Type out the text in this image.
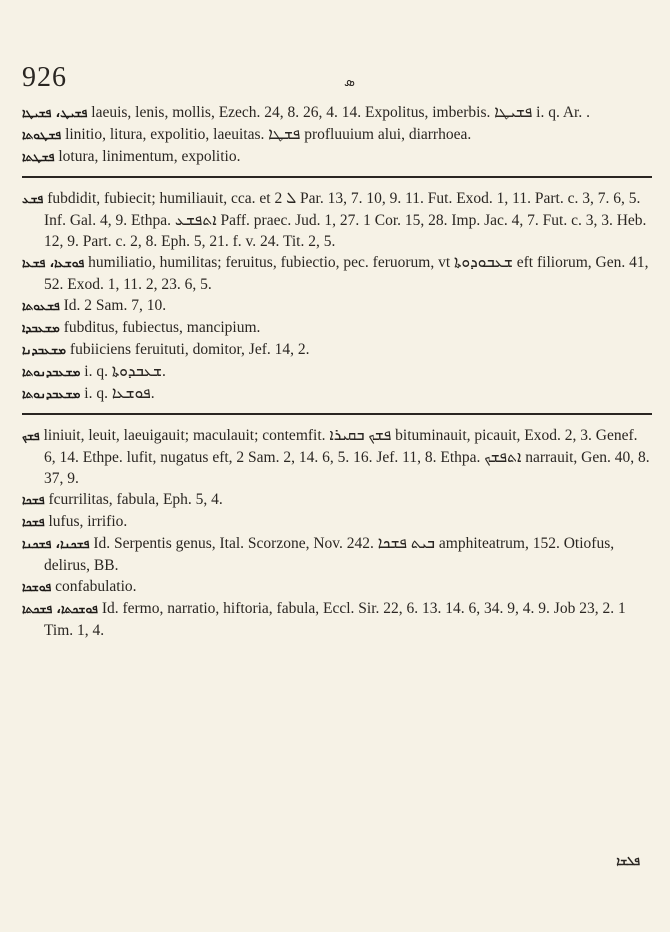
926	ܣ

ܦܫܝܛ، ܦܫܝܛܐ laeuis, lenis, mollis, Ezech. 24, 8. 26, 4. 14. Expolitus, imberbis. ܦܫܝܛܐ i. q. Ar. .

ܦܫܛܘܬܐ linitio, litura, expolitio, laeuitas. ܦܫܛܐ profluuium alui, diarrhoea.

ܦܫܛܬܐ lotura, linimentum, expolitio.

ܦܫܥ fubdidit, fubiecit; humiliauit, cca. et ܠ 2 Par. 13, 7. 10, 9. 11. Fut. Exod. 1, 11. Part. c. 3, 7. 6, 5. Inf. Gal. 4, 9. Ethpa. ܐܬܦܫܥ Paff. praec. Jud. 1, 27. 1 Cor. 15, 28. Imp. Jac. 4, 7. Fut. c. 3, 3. Heb. 12, 9. Part. c. 2, 8. Eph. 5, 21. f. v. 24. Tit. 2, 5.

ܦܘܫܥܐ، ܦܫܥܐ humiliatio, humilitas; feruitus, fubiectio, pec. feruorum, vt ܫܥܒܘܕܘܬܐ eft filiorum, Gen. 41, 52. Exod. 1, 11. 2, 23. 6, 5.

ܦܫܥܘܬܐ Id. 2 Sam. 7, 10.

ܡܫܥܒܕܐ fubditus, fubiectus, mancipium.

ܡܫܥܒܕܢܐ fubiiciens feruituti, domitor, Jef. 14, 2.

ܡܫܥܒܕܢܘܬܐ i. q. ܫܥܒܕܘܬܐ.

ܡܫܥܒܕܢܘܬܐ i. q. ܦܘܫܥܐ.

ܦܫܟ liniuit, leuit, laeuigauit; maculauit; contemfit. ܦܫܟ ܒܩܝܪܐ bituminauit, picauit, Exod. 2, 3. Genef. 6, 14. Ethpe. lufit, nugatus eft, 2 Sam. 2, 14. 6, 5. 16. Jef. 11, 8. Ethpa. ܐܬܦܫܟ narrauit, Gen. 40, 8. 37, 9.

ܦܫܟܐ fcurrilitas, fabula, Eph. 5, 4.

ܦܫܟܐ lufus, irrifio.

ܦܫܟܢܐ، ܦܫܟܢܐ Id. Serpentis genus, Ital. Scorzone, Nov. 242. ܒܝܬ ܦܫܟܐ amphiteatrum, 152. Otiofus, delirus, BB.

ܦܘܫܟܐ confabulatio.

ܦܘܫܟܬܐ، ܦܫܟܬܐ Id. fermo, narratio, hiftoria, fabula, Eccl. Sir. 22, 6. 13. 14. 6, 34. 9, 4. 9. Job 23, 2. 1 Tim. 1, 4.

ܦܠܫܐ
